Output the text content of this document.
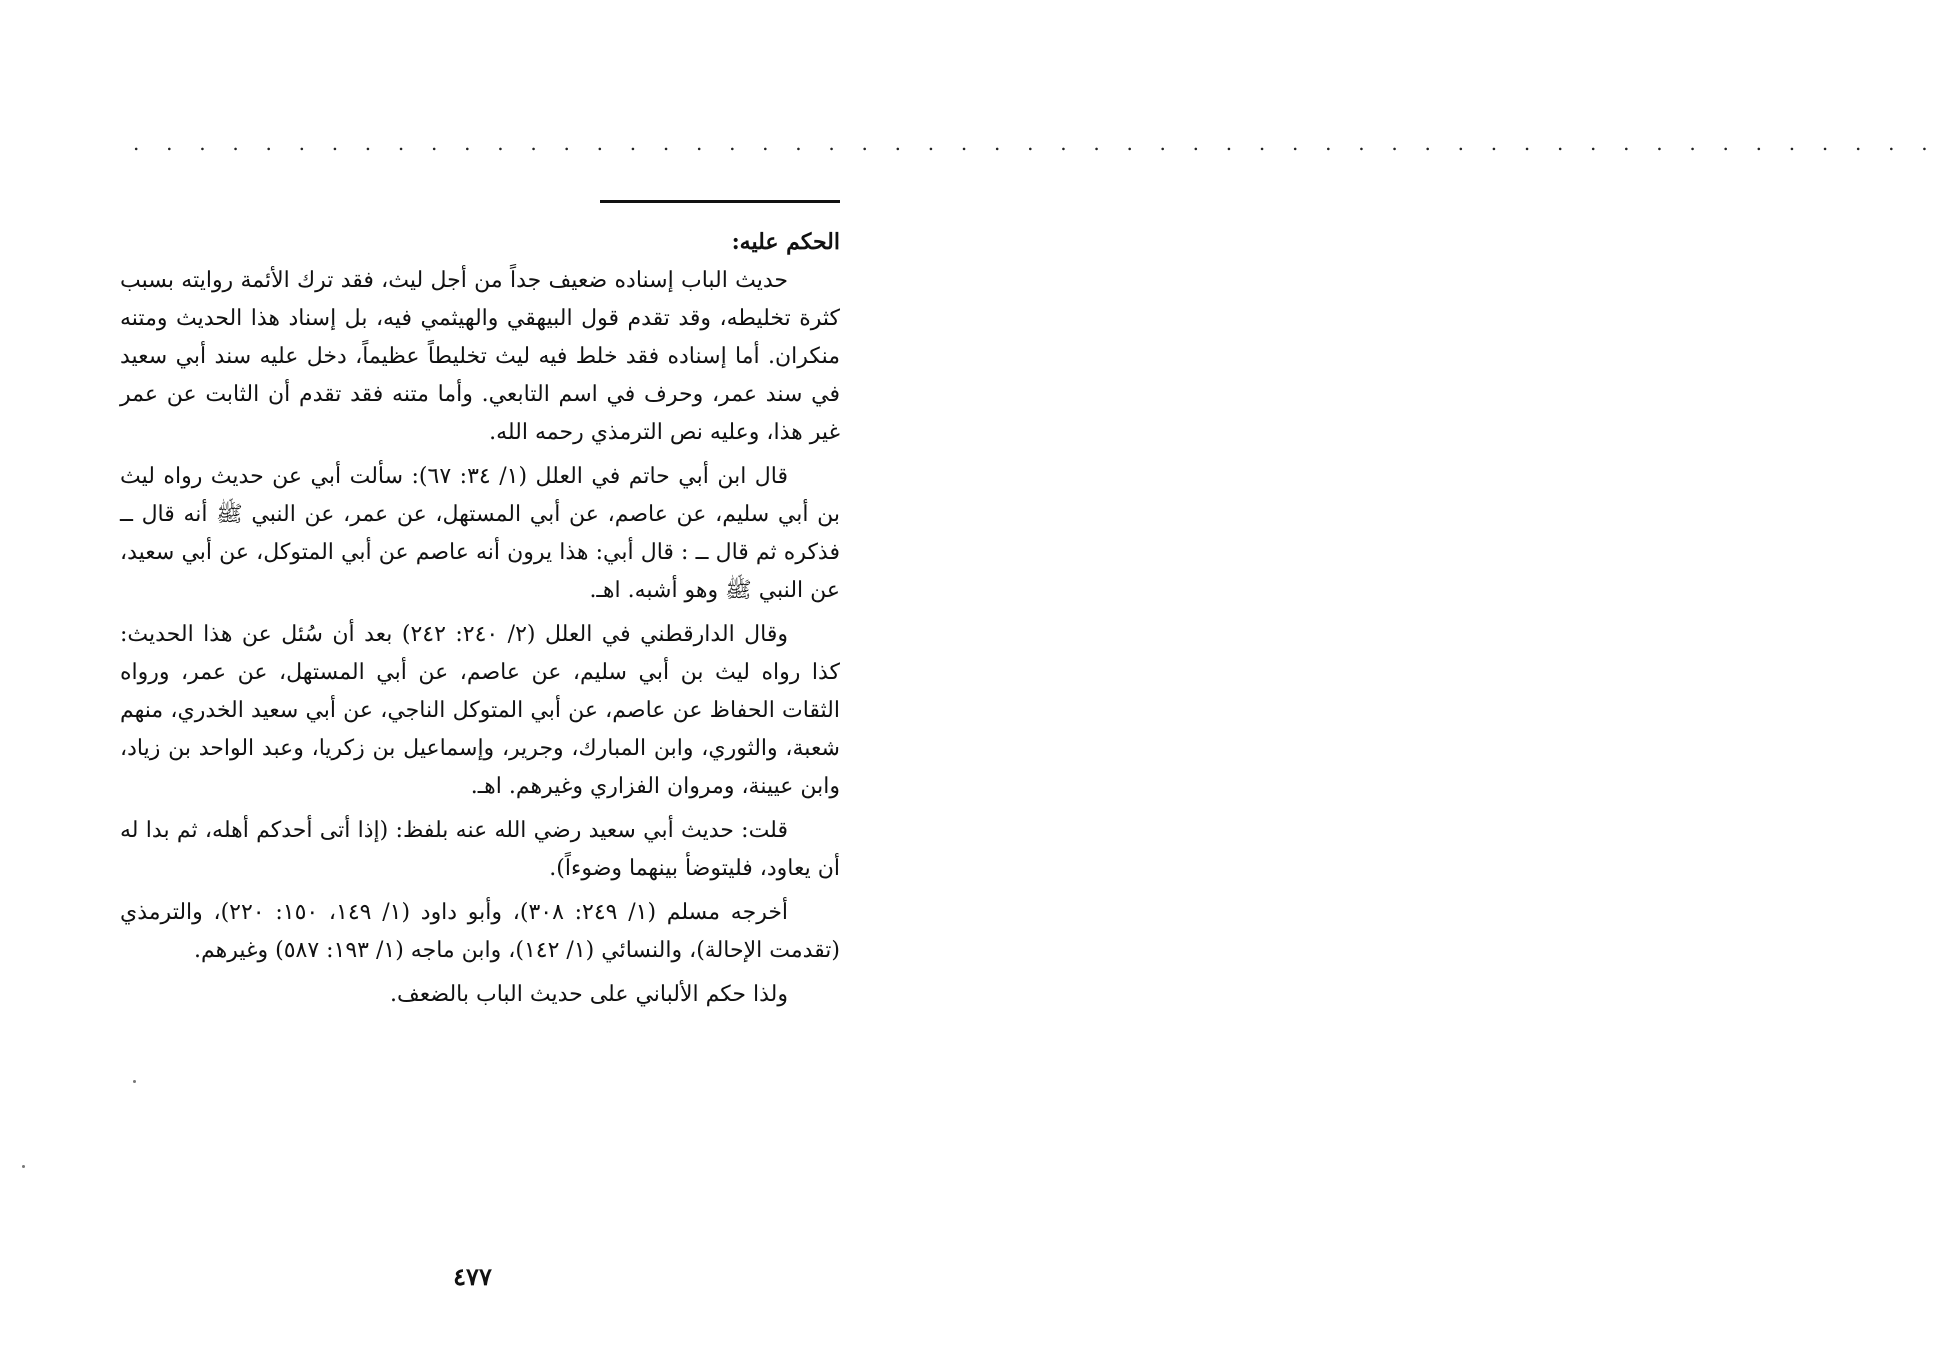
. . . . . . . . . . . . . . . . . . . . . . . . . . . . . . . . . . . . . . . . . . . . . . . . . . . . . . .

الحكم عليه:

حديث الباب إسناده ضعيف جداً من أجل ليث، فقد ترك الأئمة روايته بسبب كثرة تخليطه، وقد تقدم قول البيهقي والهيثمي فيه، بل إسناد هذا الحديث ومتنه منكران. أما إسناده فقد خلط فيه ليث تخليطاً عظيماً، دخل عليه سند أبي سعيد في سند عمر، وحرف في اسم التابعي. وأما متنه فقد تقدم أن الثابت عن عمر غير هذا، وعليه نص الترمذي رحمه الله.

قال ابن أبي حاتم في العلل (١/ ٣٤: ٦٧): سألت أبي عن حديث رواه ليث بن أبي سليم، عن عاصم، عن أبي المستهل، عن عمر، عن النبي ﷺ أنه قال ــ فذكره ثم قال ــ : قال أبي: هذا يرون أنه عاصم عن أبي المتوكل، عن أبي سعيد، عن النبي ﷺ وهو أشبه. اهـ.

وقال الدارقطني في العلل (٢/ ٢٤٠: ٢٤٢) بعد أن سُئل عن هذا الحديث: كذا رواه ليث بن أبي سليم، عن عاصم، عن أبي المستهل، عن عمر، ورواه الثقات الحفاظ عن عاصم، عن أبي المتوكل الناجي، عن أبي سعيد الخدري، منهم شعبة، والثوري، وابن المبارك، وجرير، وإسماعيل بن زكريا، وعبد الواحد بن زياد، وابن عيينة، ومروان الفزاري وغيرهم. اهـ.

قلت: حديث أبي سعيد رضي الله عنه بلفظ: (إذا أتى أحدكم أهله، ثم بدا له أن يعاود، فليتوضأ بينهما وضوءاً).

أخرجه مسلم (١/ ٢٤٩: ٣٠٨)، وأبو داود (١/ ١٤٩، ١٥٠: ٢٢٠)، والترمذي (تقدمت الإحالة)، والنسائي (١/ ١٤٢)، وابن ماجه (١/ ١٩٣: ٥٨٧) وغيرهم.

ولذا حكم الألباني على حديث الباب بالضعف.

٤٧٧
